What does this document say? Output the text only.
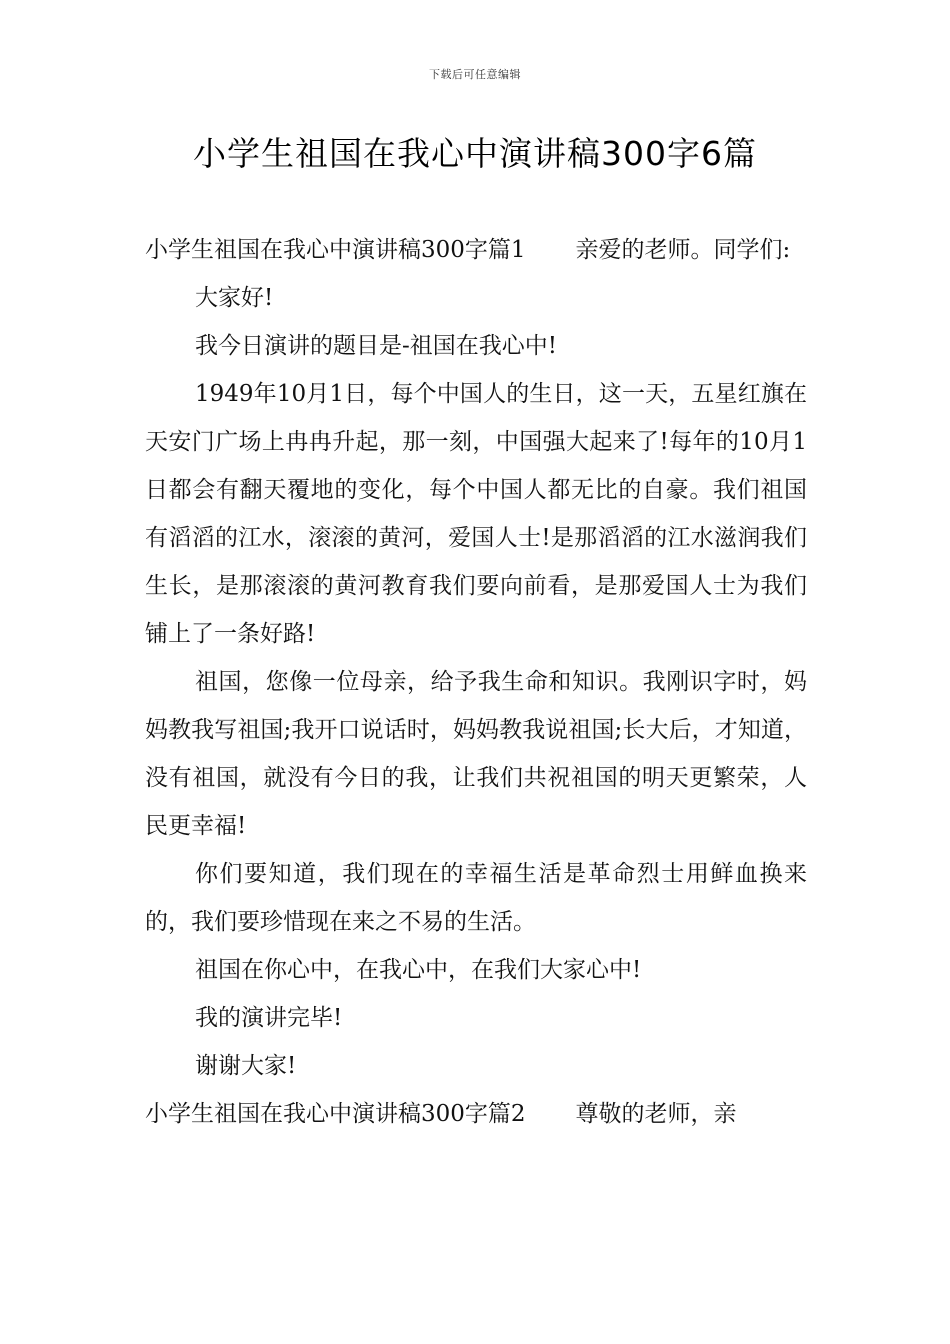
下载后可任意编辑
小学生祖国在我心中演讲稿300字6篇

小学生祖国在我心中演讲稿300字篇1 亲爱的老师。同学们:

大家好!

我今日演讲的题目是-祖国在我心中!

1949年10月1日，每个中国人的生日，这一天，五星红旗在天安门广场上冉冉升起，那一刻，中国强大起来了!每年的10月1日都会有翻天覆地的变化，每个中国人都无比的自豪。我们祖国有滔滔的江水，滚滚的黄河，爱国人士!是那滔滔的江水滋润我们生长，是那滚滚的黄河教育我们要向前看，是那爱国人士为我们铺上了一条好路!

祖国，您像一位母亲，给予我生命和知识。我刚识字时，妈妈教我写祖国;我开口说话时，妈妈教我说祖国;长大后，才知道，没有祖国，就没有今日的我，让我们共祝祖国的明天更繁荣，人民更幸福!

你们要知道，我们现在的幸福生活是革命烈士用鲜血换来的，我们要珍惜现在来之不易的生活。

祖国在你心中，在我心中，在我们大家心中!

我的演讲完毕!

谢谢大家!

小学生祖国在我心中演讲稿300字篇2 尊敬的老师，亲
